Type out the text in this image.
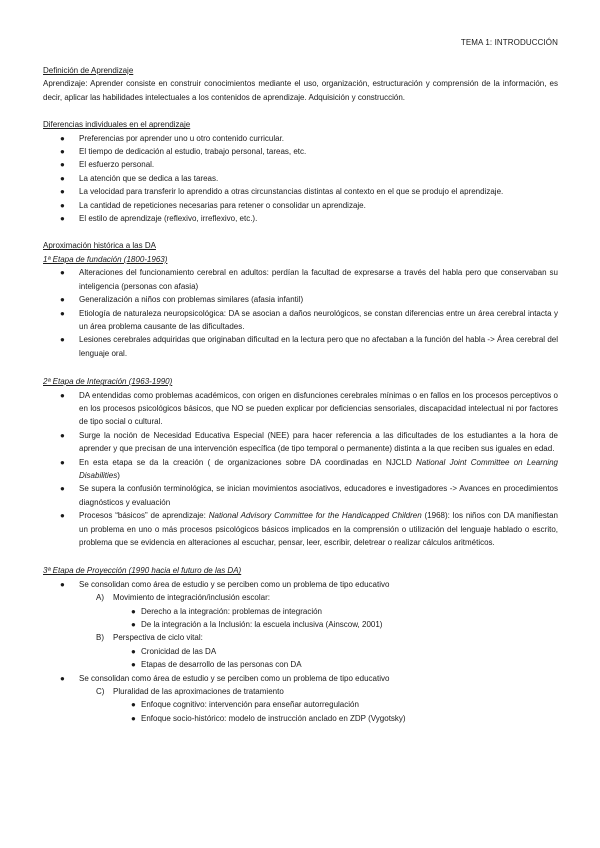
TEMA 1: INTRODUCCIÓN

Definición de Aprendizaje

Aprendizaje: Aprender consiste en construir conocimientos mediante el uso, organización, estructuración y comprensión de la información, es decir, aplicar las habilidades intelectuales a los contenidos de aprendizaje. Adquisición y construcción.

Diferencias individuales en el aprendizaje

● Preferencias por aprender uno u otro contenido curricular.
● El tiempo de dedicación al estudio, trabajo personal, tareas, etc.
● El esfuerzo personal.
● La atención que se dedica a las tareas.
● La velocidad para transferir lo aprendido a otras circunstancias distintas al contexto en el que se produjo el aprendizaje.
● La cantidad de repeticiones necesarias para retener o consolidar un aprendizaje.
● El estilo de aprendizaje (reflexivo, irreflexivo, etc.).

Aproximación histórica a las DA

1ª Etapa de fundación (1800-1963)

● Alteraciones del funcionamiento cerebral en adultos: perdían la facultad de expresarse a través del habla pero que conservaban su inteligencia (personas con afasia)
● Generalización a niños con problemas similares (afasia infantil)
● Etiología de naturaleza neuropsicológica: DA se asocian a daños neurológicos, se constan diferencias entre un área cerebral intacta y un área problema causante de las dificultades.
● Lesiones cerebrales adquiridas que originaban dificultad en la lectura pero que no afectaban a la función del habla -> Área cerebral del lenguaje oral.

2ª Etapa de Integración (1963-1990)

● DA entendidas como problemas académicos, con origen en disfunciones cerebrales mínimas o en fallos en los procesos perceptivos o en los procesos psicológicos básicos, que NO se pueden explicar por deficiencias sensoriales, discapacidad intelectual ni por factores de tipo social o cultural.
● Surge la noción de Necesidad Educativa Especial (NEE) para hacer referencia a las dificultades de los estudiantes a la hora de aprender y que precisan de una intervención específica (de tipo temporal o permanente) distinta a la que reciben sus iguales en edad.
● En esta etapa se da la creación ( de organizaciones sobre DA coordinadas en NJCLD National Joint Committee on Learning Disabilities)
● Se supera la confusión terminológica, se inician movimientos asociativos, educadores e investigadores -> Avances en procedimientos diagnósticos y evaluación
● Procesos “básicos” de aprendizaje: National Advisory Committee for the Handicapped Children (1968): los niños con DA manifiestan un problema en uno o más procesos psicológicos básicos implicados en la comprensión o utilización del lenguaje hablado o escrito, problema que se evidencia en alteraciones al escuchar, pensar, leer, escribir, deletrear o realizar cálculos aritméticos.

3ª Etapa de Proyección (1990 hacia el futuro de las DA)

● Se consolidan como área de estudio y se perciben como un problema de tipo educativo
A) Movimiento de integración/inclusión escolar:
● Derecho a la integración: problemas de integración
● De la integración a la Inclusión: la escuela inclusiva (Ainscow, 2001)
B) Perspectiva de ciclo vital:
● Cronicidad de las DA
● Etapas de desarrollo de las personas con DA
● Se consolidan como área de estudio y se perciben como un problema de tipo educativo
C) Pluralidad de las aproximaciones de tratamiento
● Enfoque cognitivo: intervención para enseñar autorregulación
● Enfoque socio-histórico: modelo de instrucción anclado en ZDP (Vygotsky)
